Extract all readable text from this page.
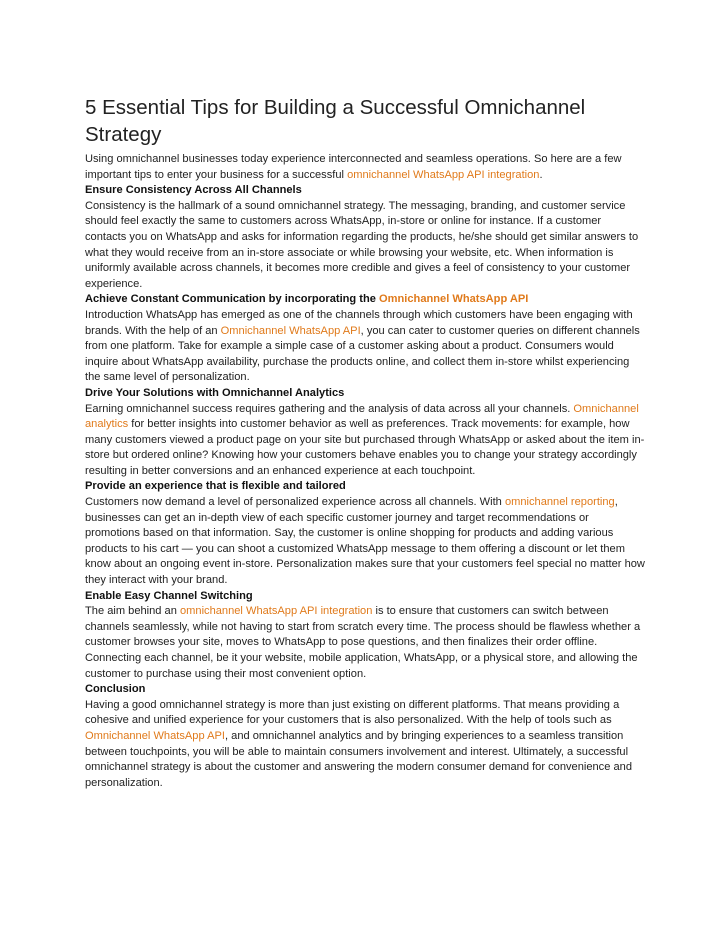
5 Essential Tips for Building a Successful Omnichannel Strategy

Using omnichannel businesses today experience interconnected and seamless operations. So here are a few important tips to enter your business for a successful omnichannel WhatsApp API integration.

Ensure Consistency Across All Channels

Consistency is the hallmark of a sound omnichannel strategy. The messaging, branding, and customer service should feel exactly the same to customers across WhatsApp, in-store or online for instance. If a customer contacts you on WhatsApp and asks for information regarding the products, he/she should get similar answers to what they would receive from an in-store associate or while browsing your website, etc. When information is uniformly available across channels, it becomes more credible and gives a feel of consistency to your customer experience.

Achieve Constant Communication by incorporating the Omnichannel WhatsApp API

Introduction WhatsApp has emerged as one of the channels through which customers have been engaging with brands. With the help of an Omnichannel WhatsApp API, you can cater to customer queries on different channels from one platform. Take for example a simple case of a customer asking about a product. Consumers would inquire about WhatsApp availability, purchase the products online, and collect them in-store whilst experiencing the same level of personalization.

Drive Your Solutions with Omnichannel Analytics

Earning omnichannel success requires gathering and the analysis of data across all your channels. Omnichannel analytics for better insights into customer behavior as well as preferences. Track movements: for example, how many customers viewed a product page on your site but purchased through WhatsApp or asked about the item in-store but ordered online? Knowing how your customers behave enables you to change your strategy accordingly resulting in better conversions and an enhanced experience at each touchpoint.

Provide an experience that is flexible and tailored

Customers now demand a level of personalized experience across all channels. With omnichannel reporting, businesses can get an in-depth view of each specific customer journey and target recommendations or promotions based on that information. Say, the customer is online shopping for products and adding various products to his cart — you can shoot a customized WhatsApp message to them offering a discount or let them know about an ongoing event in-store. Personalization makes sure that your customers feel special no matter how they interact with your brand.

Enable Easy Channel Switching

The aim behind an omnichannel WhatsApp API integration is to ensure that customers can switch between channels seamlessly, while not having to start from scratch every time. The process should be flawless whether a customer browses your site, moves to WhatsApp to pose questions, and then finalizes their order offline. Connecting each channel, be it your website, mobile application, WhatsApp, or a physical store, and allowing the customer to purchase using their most convenient option.

Conclusion

Having a good omnichannel strategy is more than just existing on different platforms. That means providing a cohesive and unified experience for your customers that is also personalized. With the help of tools such as Omnichannel WhatsApp API, and omnichannel analytics and by bringing experiences to a seamless transition between touchpoints, you will be able to maintain consumers involvement and interest. Ultimately, a successful omnichannel strategy is about the customer and answering the modern consumer demand for convenience and personalization.
